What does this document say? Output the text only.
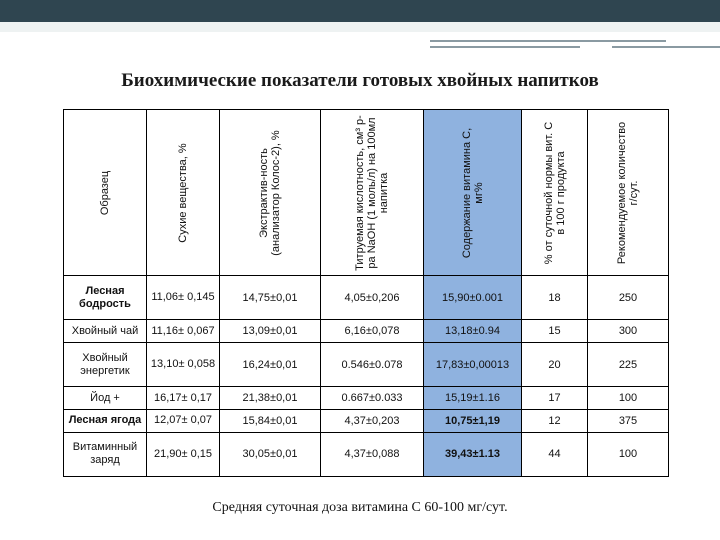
Биохимические показатели готовых хвойных напитков
Образец	Сухие вещества, %	Экстрактив-ность (анализатор Колос-2), %	Титруемая кислотность, см³ р-ра NaOH (1 моль/л) на 100мл напитка	Содержание витамина С, мг%	% от суточной нормы вит. С в 100 г продукта	Рекомендуемое количество г/сут.

Лесная бодрость	11,06± 0,145	14,75±0,01	4,05±0,206	15,90±0.001	18	250
Хвойный чай	11,16± 0,067	13,09±0,01	6,16±0,078	13,18±0.94	15	300
Хвойный энергетик	13,10± 0,058	16,24±0,01	0.546±0.078	17,83±0,00013	20	225
Йод +	16,17± 0,17	21,38±0,01	0.667±0.033	15,19±1.16	17	100
Лесная ягода	12,07± 0,07	15,84±0,01	4,37±0,203	10,75±1,19	12	375
Витаминный заряд	21,90± 0,15	30,05±0,01	4,37±0,088	39,43±1.13	44	100
Средняя суточная доза витамина С 60-100 мг/сут.
